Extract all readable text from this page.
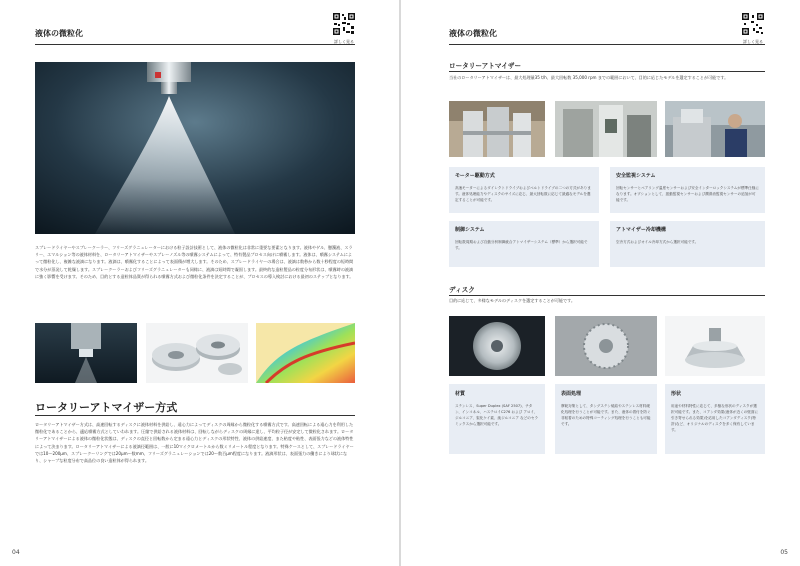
液体の微粒化
詳しく見る
スプレードライヤーやスプレークーラー、フリーズグラニュレーターにおける粒子設計技術として、液体の微粒化は非常に重要な要素となります。液体やゲル、懸濁液、スラリー、エマルション等の液体材料を、ロータリーアトマイザーやスプレーノズル等の噴霧システムによって、特有製品プロセス向けに噴霧します。液体は、噴霧システムによって微粒化し、複雑な液滴になります。液滴は、噴霧化することによって表面積が増大します。そのため、スプレードライヤーの場合は、液滴は数秒から数十秒程度の短時間で水分が蒸発して乾燥します。スプレークーラーおよびフリーズグラニュレーターも同様に、液滴は短時間で凝固します。最終的な造粒製品の粒度分布形状は、噴霧時の液滴に強く影響を受けます。そのため、目的とする造粒体品質が得られる噴霧方式および微粒化条件を決定することが、プロセスの導入検討における最初のステップとなります。
ロータリーアトマイザー方式
ロータリーアトマイザー方式は、高速回転するディスクに液体材料を供給し、遠心力によってディスクの周縁から微粒化する噴霧方式です。高速回転による遠心力を利用した微粒化であることから、適応噴霧方式としていわれます。圧縮で供給される液体材料は、回転しながらディスクの周縁に達し、平均粒子径が安定して微粒化されます。ロータリーアトマイザーによる液体の微粒化状態は、ディスクの直径と回転数から定まる遠心力とディスクの形状特性、液体の供給速度、また粘度や粘性、表面張力などの液体特性によって決まります。ロータリーアトマイザーによる液滴径範囲は、一般に10マイクロメートルから数ミリメートル程度となります。特殊ケースとして、スプレードライヤーでは10〜200μm、スプレークーリングでは20μm〜数mm、フリーズグラニュレーションでは20〜数百μm程度になります。液滴形状は、表面張力の働きにより球状になり、シャープな粒度分布で高品位の良い造粒体が得られます。
04
液体の微粒化
詳しく見る
ロータリーアトマイザー
当社のロータリーアトマイザーは、最大処理量35 t/h、最大回転数 35,000 rpm までの範囲において、目的に応じたモデルを選定することが可能です。
モーター駆動方式
高速モーターによるダイレクトドライブおよびベルトドライブの二つの方式があります。液体処理能力やディスクのサイズに応じ、最大回転数に応じて最適なモデルを選定することが可能です。
安全監視システム
回転センサーとベアリング温度センサーおよび安全インターロックシステムが標準仕様になります。オプションとして、振動監視センサーおよび潤滑油監視センサーの追加が可能です。
制御システム
回転数周期および自動分析制御統合アトマイザーシステム（標準）から選択可能です。
アトマイザー冷却機構
空冷方式およびオイル冷却方式から選択可能です。
ディスク
目的に応じて、多様なモデルのディスクを選定することが可能です。
材質
ステンレス、Super Duplex (SAF 2507)、チタン、インコネル、ハステロイC276 および アロイ、ジルコニア、窒化ケイ素、純ジルコニア などのセラミックスから選択可能です。
表面処理
摩耗対策として、タングステン焼結やステンレス材料硬化処理を行うことが可能です。また、液体の着付を防ぐ非粘着のための特殊コーティング処理を行うことも可能です。
形状
用途や材料特性に応じて、多様な形状のディスクが選択可能です。また、コアンダ効果(液体が近くの壁面に引き寄せられる効果)を応用したコアンダディスク(特許)など、オリジナルのディスクを多く保有しています。
05
